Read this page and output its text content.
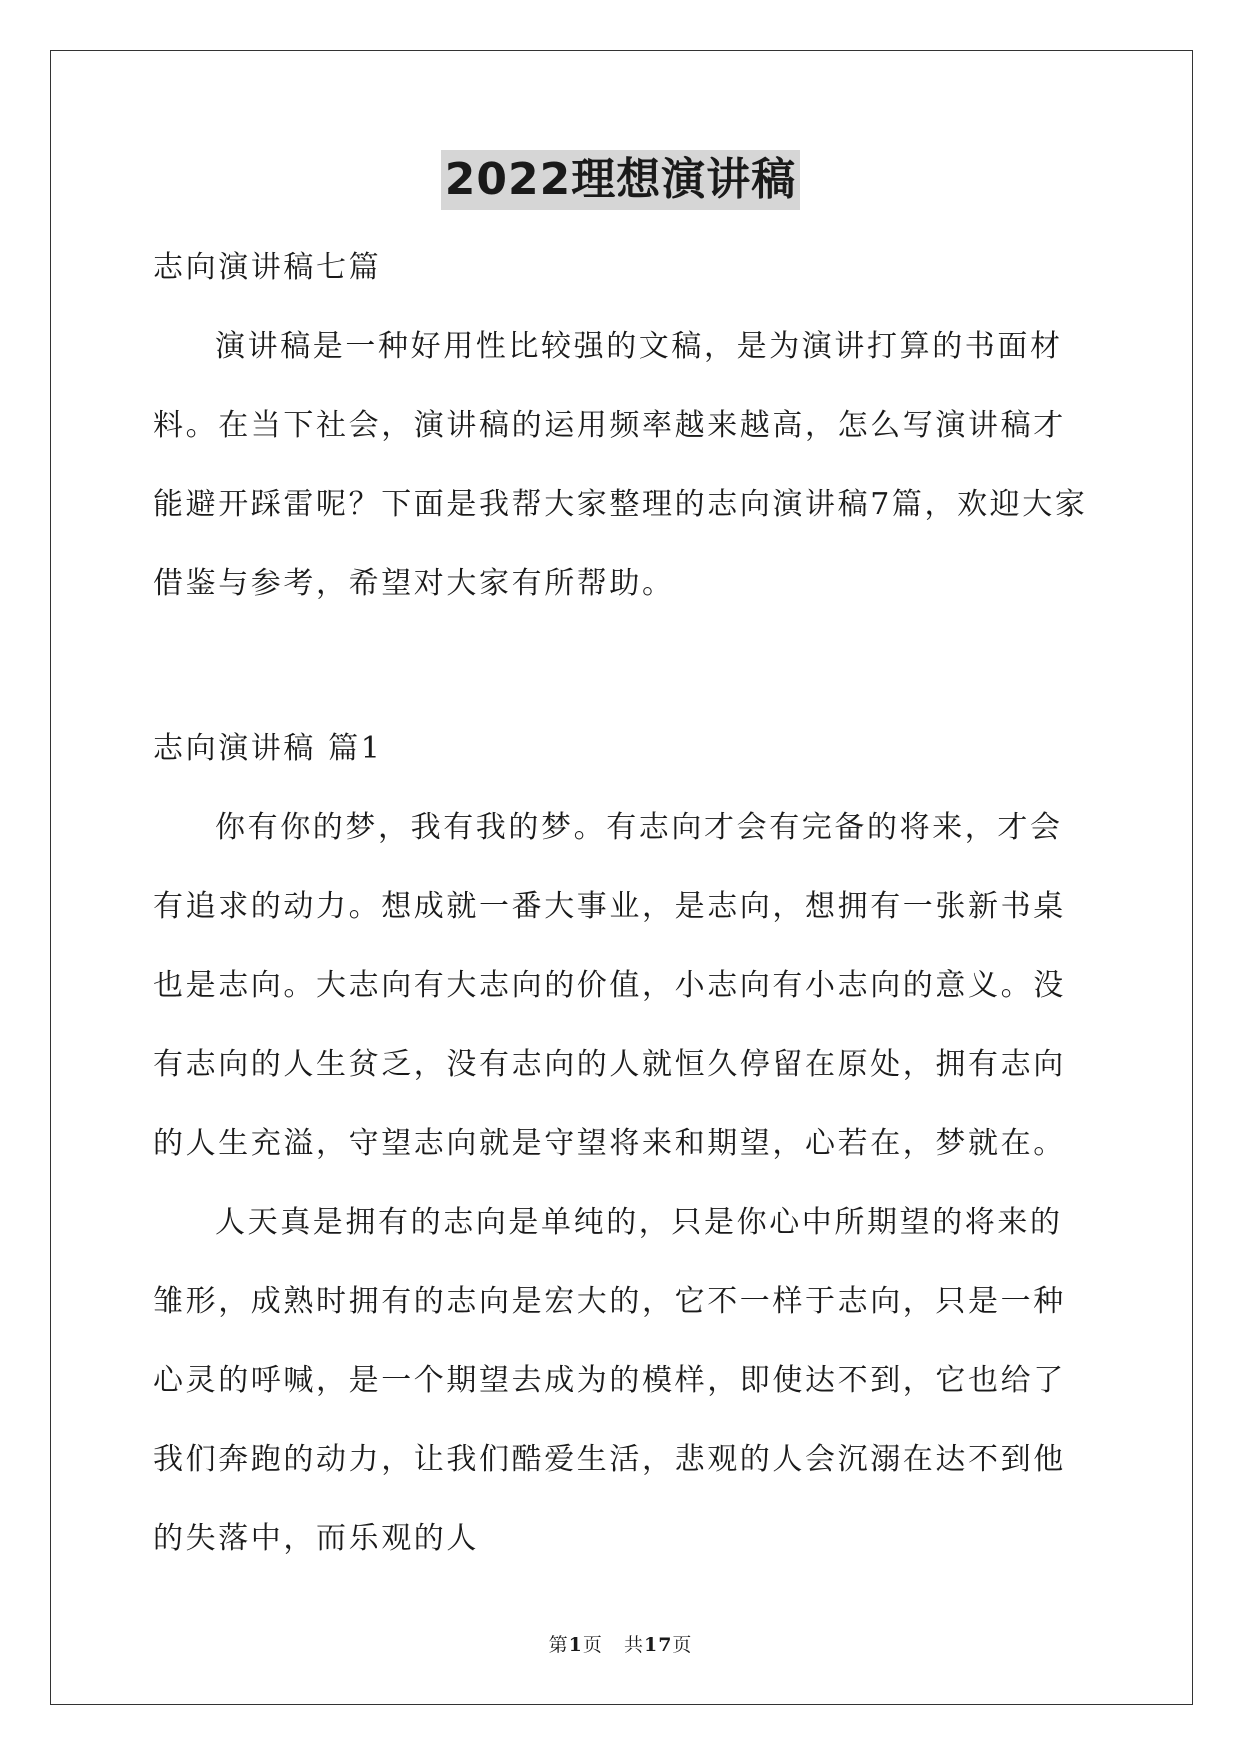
2022理想演讲稿

志向演讲稿七篇

演讲稿是一种好用性比较强的文稿，是为演讲打算的书面材料。在当下社会，演讲稿的运用频率越来越高，怎么写演讲稿才能避开踩雷呢？下面是我帮大家整理的志向演讲稿7篇，欢迎大家借鉴与参考，希望对大家有所帮助。

志向演讲稿 篇1

你有你的梦，我有我的梦。有志向才会有完备的将来，才会有追求的动力。想成就一番大事业，是志向，想拥有一张新书桌也是志向。大志向有大志向的价值，小志向有小志向的意义。没有志向的人生贫乏，没有志向的人就恒久停留在原处，拥有志向的人生充溢，守望志向就是守望将来和期望，心若在，梦就在。

人天真是拥有的志向是单纯的，只是你心中所期望的将来的雏形，成熟时拥有的志向是宏大的，它不一样于志向，只是一种心灵的呼喊，是一个期望去成为的模样，即使达不到，它也给了我们奔跑的动力，让我们酷爱生活，悲观的人会沉溺在达不到他的失落中，而乐观的人

第1页 共17页
